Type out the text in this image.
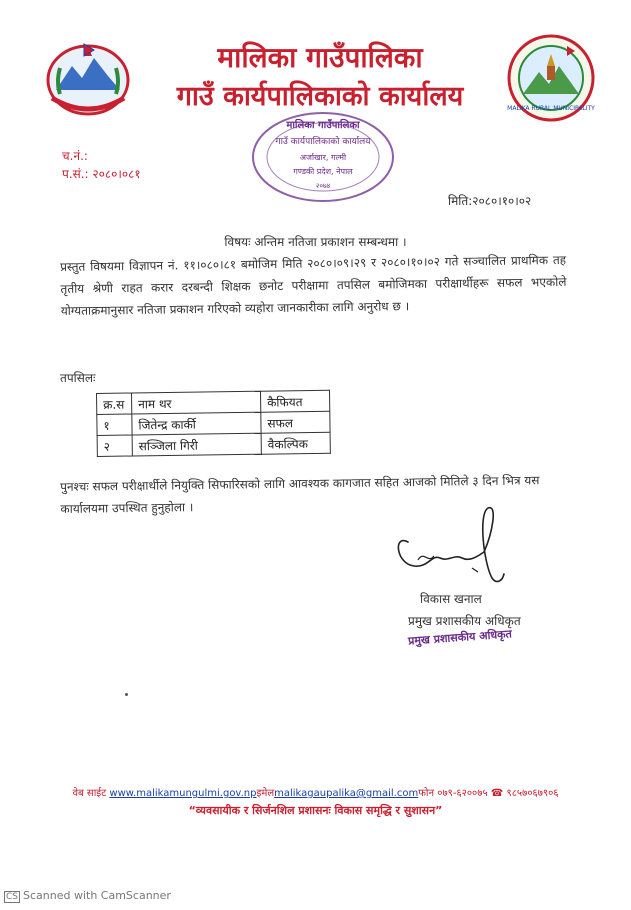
MALIKA RURAL MUNICIPALITY
मालिका गाउँपालिका
गाउँ कार्यपालिकाको कार्यालय
च.नं.:
प.सं.: २०८०।०८१
मालिका गाउँपालिका
गाउँ कार्यपालिकाको कार्यालय
अर्जाखार, गल्मी
गण्डकी प्रदेश, नेपाल
२०७४
मिति:२०८०।१०।०२
विषयः अन्तिम नतिजा प्रकाशन सम्बन्धमा ।
प्रस्तुत विषयमा विज्ञापन नं. ११।०८०।८१ बमोजिम मिति २०८०।०९।२९ र २०८०।१०।०२ गते सञ्चालित प्राथमिक तह तृतीय श्रेणी राहत करार दरबन्दी शिक्षक छनोट परीक्षामा तपसिल बमोजिमका परीक्षार्थीहरू सफल भएकोले योग्यताक्रमानुसार नतिजा प्रकाशन गरिएको व्यहोरा जानकारीका लागि अनुरोध छ ।
तपसिलः
क्र.स	नाम थर	कैफियत
१	जितेन्द्र कार्की	सफल
२	सञ्जिला गिरी	वैकल्पिक
पुनश्चः सफल परीक्षार्थीले नियुक्ति सिफारिसको लागि आवश्यक कागजात सहित आजको मितिले ३ दिन भित्र यस कार्यालयमा उपस्थित हुनुहोला ।
विकास खनाल
प्रमुख प्रशासकीय अधिकृत
प्रमुख प्रशासकीय अधिकृत
वेब साईट www.malikamungulmi.gov.npइमेलmalikagaupalika@gmail.comफोन ०७९-६२००७५ ☎ ९८५७०६७९०६
“व्यवसायीक र सिर्जनशिल प्रशासनः विकास समृद्धि र सुशासन”
CS Scanned with CamScanner
